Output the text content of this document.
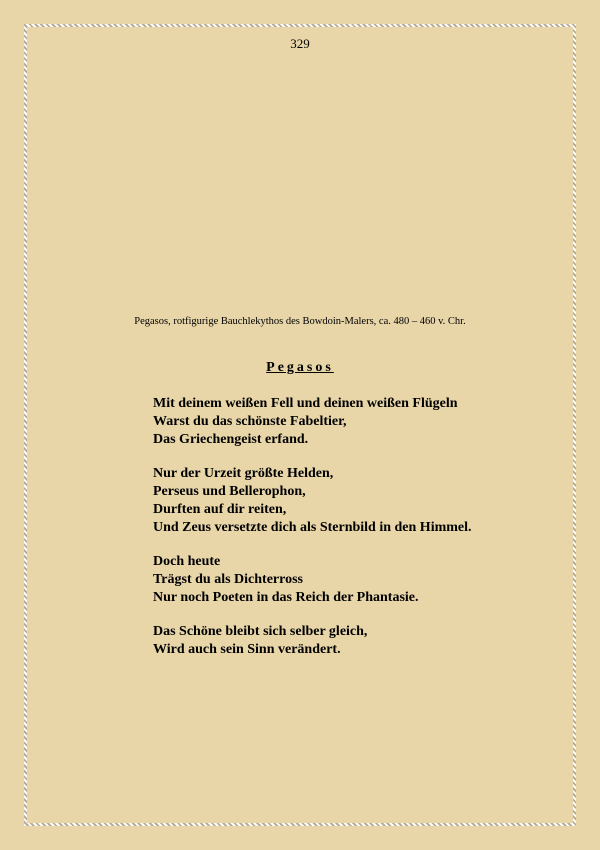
329
Pegasos, rotfigurige Bauchlekythos des Bowdoin-Malers, ca. 480 – 460 v. Chr.
Pegasos
Mit deinem weißen Fell und deinen weißen Flügeln
Warst du das schönste Fabeltier,
Das Griechengeist erfand.
Nur der Urzeit größte Helden,
Perseus und Bellerophon,
Durften auf dir reiten,
Und Zeus versetzte dich als Sternbild in den Himmel.
Doch heute
Trägst du als Dichterross
Nur noch Poeten in das Reich der Phantasie.
Das Schöne bleibt sich selber gleich,
Wird auch sein Sinn verändert.
